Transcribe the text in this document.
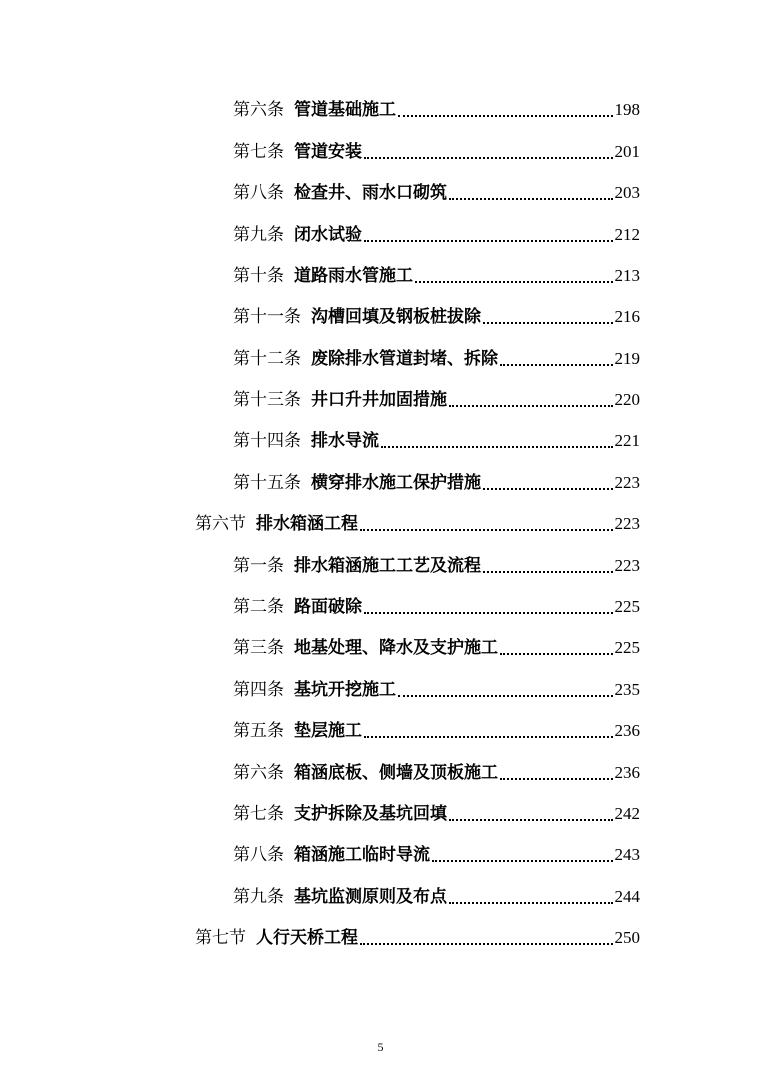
第六条 管道基础施工	198
第七条 管道安装	201
第八条 检查井、雨水口砌筑	203
第九条 闭水试验	212
第十条 道路雨水管施工	213
第十一条 沟槽回填及钢板桩拔除	216
第十二条 废除排水管道封堵、拆除	219
第十三条 井口升井加固措施	220
第十四条 排水导流	221
第十五条 横穿排水施工保护措施	223
第六节 排水箱涵工程	223
第一条 排水箱涵施工工艺及流程	223
第二条 路面破除	225
第三条 地基处理、降水及支护施工	225
第四条 基坑开挖施工	235
第五条 垫层施工	236
第六条 箱涵底板、侧墙及顶板施工	236
第七条 支护拆除及基坑回填	242
第八条 箱涵施工临时导流	243
第九条 基坑监测原则及布点	244
第七节 人行天桥工程	250
5
